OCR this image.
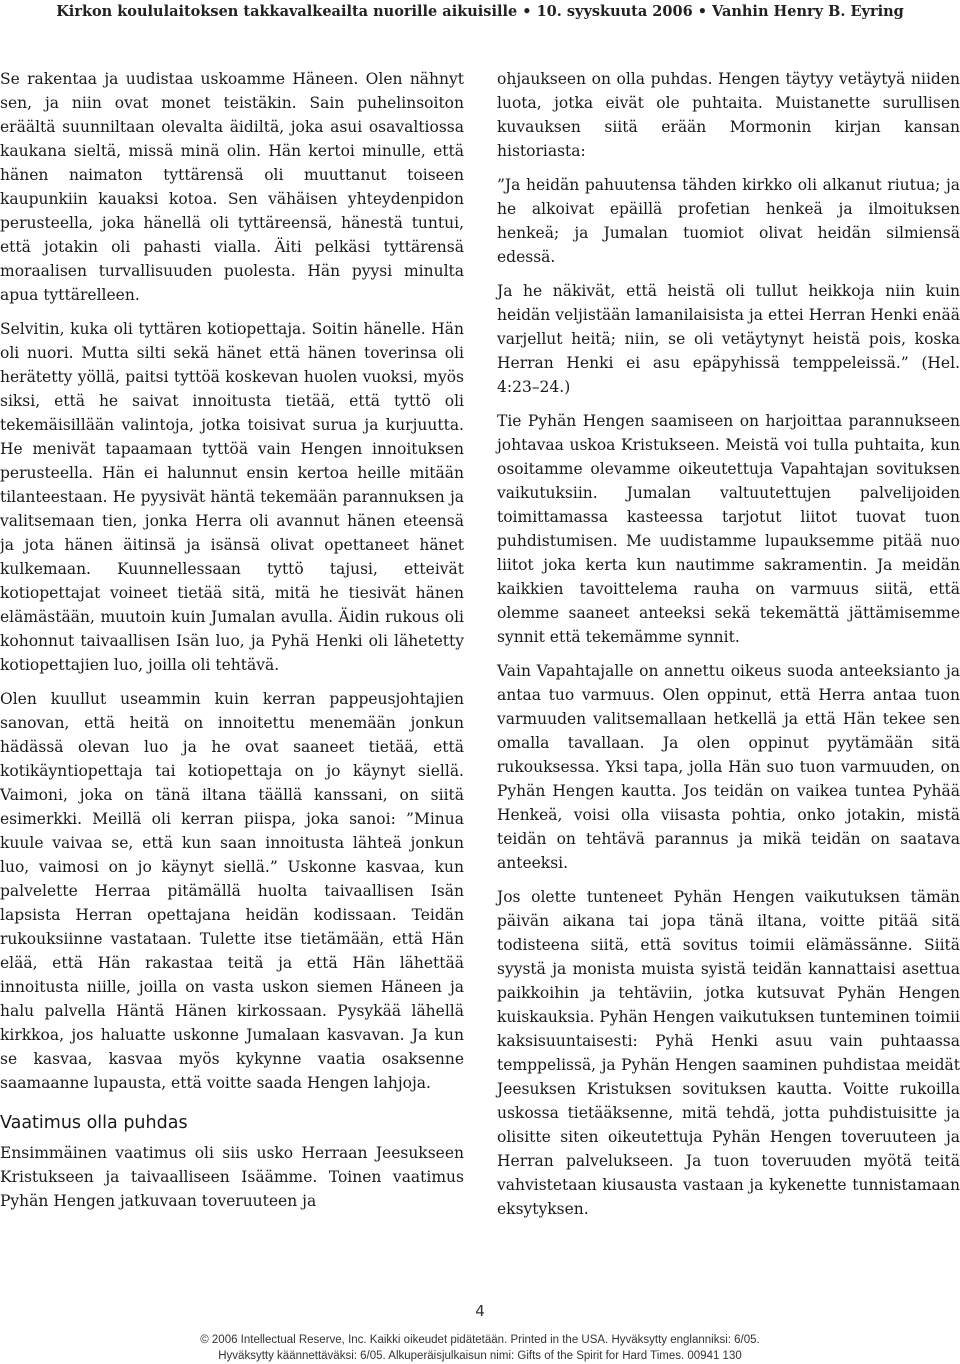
Kirkon koululaitoksen takkavalkeailta nuorille aikuisille • 10. syyskuuta 2006 • Vanhin Henry B. Eyring

Se rakentaa ja uudistaa uskoamme Häneen. Olen nähnyt sen, ja niin ovat monet teistäkin. Sain puhelinsoiton eräältä suunniltaan olevalta äidiltä, joka asui osavaltiossa kaukana sieltä, missä minä olin. Hän kertoi minulle, että hänen naimaton tyttärensä oli muuttanut toiseen kaupunkiin kauaksi kotoa. Sen vähäisen yhteydenpidon perusteella, joka hänellä oli tyttäreensä, hänestä tuntui, että jotakin oli pahasti vialla. Äiti pelkäsi tyttärensä moraalisen turvallisuuden puolesta. Hän pyysi minulta apua tyttärelleen.

Selvitin, kuka oli tyttären kotiopettaja. Soitin hänelle. Hän oli nuori. Mutta silti sekä hänet että hänen toverinsa oli herätetty yöllä, paitsi tyttöä koskevan huolen vuoksi, myös siksi, että he saivat innoitusta tietää, että tyttö oli tekemäisillään valintoja, jotka toisivat surua ja kurjuutta. He menivät tapaamaan tyttöä vain Hengen innoituksen perusteella. Hän ei halunnut ensin kertoa heille mitään tilanteestaan. He pyysivät häntä tekemään parannuksen ja valitsemaan tien, jonka Herra oli avannut hänen eteensä ja jota hänen äitinsä ja isänsä olivat opettaneet hänet kulkemaan. Kuunnellessaan tyttö tajusi, etteivät kotiopettajat voineet tietää sitä, mitä he tiesivät hänen elämästään, muutoin kuin Jumalan avulla. Äidin rukous oli kohonnut taivaallisen Isän luo, ja Pyhä Henki oli lähetetty kotiopettajien luo, joilla oli tehtävä.

Olen kuullut useammin kuin kerran pappeusjohtajien sanovan, että heitä on innoitettu menemään jonkun hädässä olevan luo ja he ovat saaneet tietää, että kotikäyntiopettaja tai kotiopettaja on jo käynyt siellä. Vaimoni, joka on tänä iltana täällä kanssani, on siitä esimerkki. Meillä oli kerran piispa, joka sanoi: ”Minua kuule vaivaa se, että kun saan innoitusta lähteä jonkun luo, vaimosi on jo käynyt siellä.” Uskonne kasvaa, kun palvelette Herraa pitämällä huolta taivaallisen Isän lapsista Herran opettajana heidän kodissaan. Teidän rukouksiinne vastataan. Tulette itse tietämään, että Hän elää, että Hän rakastaa teitä ja että Hän lähettää innoitusta niille, joilla on vasta uskon siemen Häneen ja halu palvella Häntä Hänen kirkossaan. Pysykää lähellä kirkkoa, jos haluatte uskonne Jumalaan kasvavan. Ja kun se kasvaa, kasvaa myös kykynne vaatia osaksenne saamaanne lupausta, että voitte saada Hengen lahjoja.

Vaatimus olla puhdas

Ensimmäinen vaatimus oli siis usko Herraan Jeesukseen Kristukseen ja taivaalliseen Isäämme. Toinen vaatimus Pyhän Hengen jatkuvaan toveruuteen ja

ohjaukseen on olla puhdas. Hengen täytyy vetäytyä niiden luota, jotka eivät ole puhtaita. Muistanette surullisen kuvauksen siitä erään Mormonin kirjan kansan historiasta:

”Ja heidän pahuutensa tähden kirkko oli alkanut riutua; ja he alkoivat epäillä profetian henkeä ja ilmoituksen henkeä; ja Jumalan tuomiot olivat heidän silmiensä edessä.

Ja he näkivät, että heistä oli tullut heikkoja niin kuin heidän veljistään lamanilaisista ja ettei Herran Henki enää varjellut heitä; niin, se oli vetäytynyt heistä pois, koska Herran Henki ei asu epäpyhissä temppeleissä.” (Hel. 4:23–24.)

Tie Pyhän Hengen saamiseen on harjoittaa parannukseen johtavaa uskoa Kristukseen. Meistä voi tulla puhtaita, kun osoitamme olevamme oikeutettuja Vapahtajan sovituksen vaikutuksiin. Jumalan valtuutettujen palvelijoiden toimittamassa kasteessa tarjotut liitot tuovat tuon puhdistumisen. Me uudistamme lupauksemme pitää nuo liitot joka kerta kun nautimme sakramentin. Ja meidän kaikkien tavoittelema rauha on varmuus siitä, että olemme saaneet anteeksi sekä tekemättä jättämisemme synnit että tekemämme synnit.

Vain Vapahtajalle on annettu oikeus suoda anteeksianto ja antaa tuo varmuus. Olen oppinut, että Herra antaa tuon varmuuden valitsemallaan hetkellä ja että Hän tekee sen omalla tavallaan. Ja olen oppinut pyytämään sitä rukouksessa. Yksi tapa, jolla Hän suo tuon varmuuden, on Pyhän Hengen kautta. Jos teidän on vaikea tuntea Pyhää Henkeä, voisi olla viisasta pohtia, onko jotakin, mistä teidän on tehtävä parannus ja mikä teidän on saatava anteeksi.

Jos olette tunteneet Pyhän Hengen vaikutuksen tämän päivän aikana tai jopa tänä iltana, voitte pitää sitä todisteena siitä, että sovitus toimii elämässänne. Siitä syystä ja monista muista syistä teidän kannattaisi asettua paikkoihin ja tehtäviin, jotka kutsuvat Pyhän Hengen kuiskauksia. Pyhän Hengen vaikutuksen tunteminen toimii kaksisuuntaisesti: Pyhä Henki asuu vain puhtaassa temppelissä, ja Pyhän Hengen saaminen puhdistaa meidät Jeesuksen Kristuksen sovituksen kautta. Voitte rukoilla uskossa tietääksenne, mitä tehdä, jotta puhdistuisitte ja olisitte siten oikeutettuja Pyhän Hengen toveruuteen ja Herran palvelukseen. Ja tuon toveruuden myötä teitä vahvistetaan kiusausta vastaan ja kykenette tunnistamaan eksytyksen.

4
© 2006 Intellectual Reserve, Inc. Kaikki oikeudet pidätetään. Printed in the USA. Hyväksytty englanniksi: 6/05.
Hyväksytty käännettäväksi: 6/05. Alkuperäisjulkaisun nimi: Gifts of the Spirit for Hard Times. 00941 130
